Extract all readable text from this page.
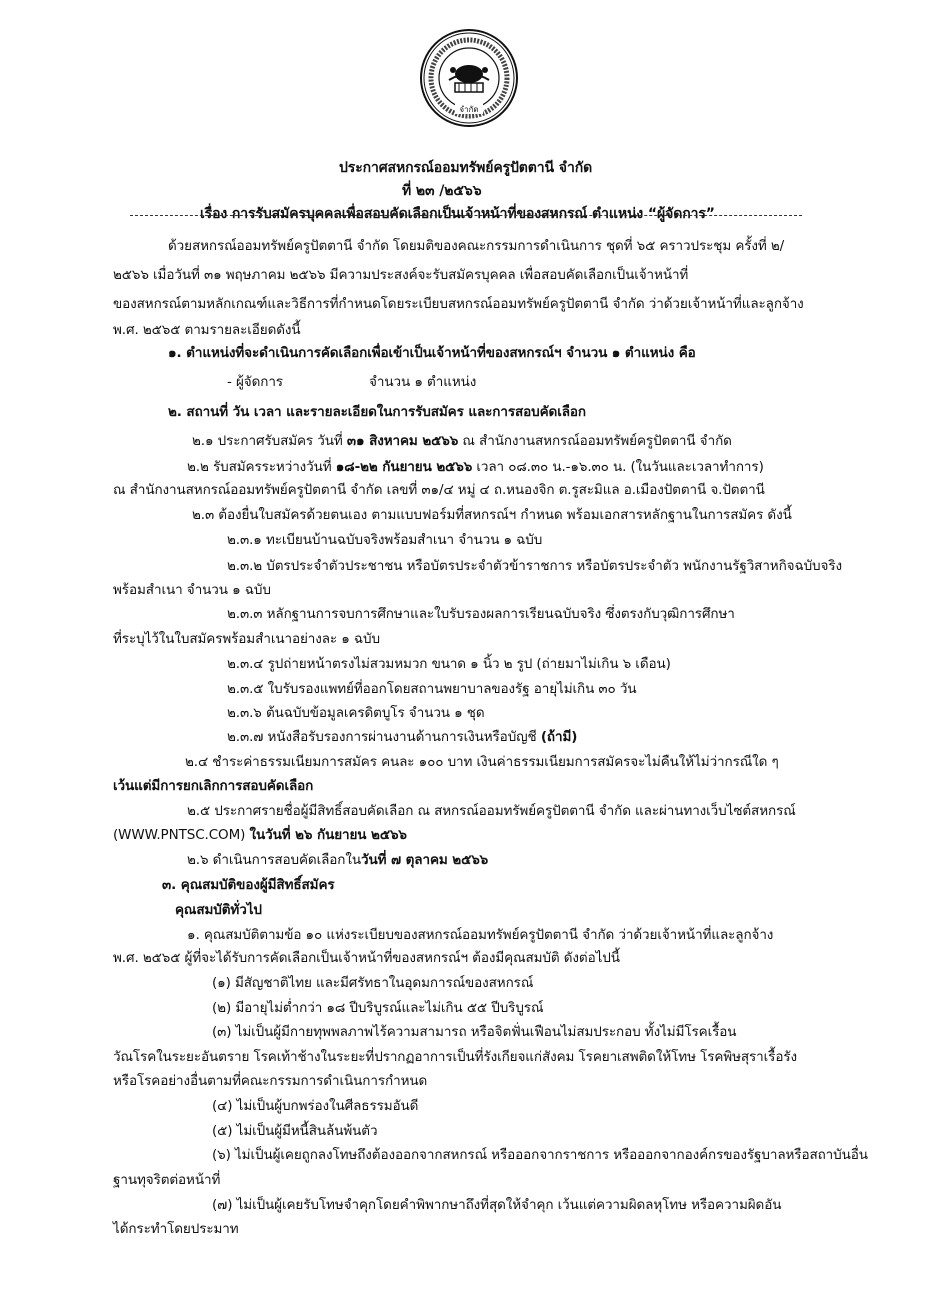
จำกัด
ประกาศสหกรณ์ออมทรัพย์ครูปัตตานี จำกัด
ที่ ๒๓ /๒๕๖๖
เรื่อง การรับสมัครบุคคลเพื่อสอบคัดเลือกเป็นเจ้าหน้าที่ของสหกรณ์ ตำแหน่ง “ผู้จัดการ”
ด้วยสหกรณ์ออมทรัพย์ครูปัตตานี จำกัด โดยมติของคณะกรรมการดำเนินการ ชุดที่ ๖๕ คราวประชุม ครั้งที่ ๒/
๒๕๖๖ เมื่อวันที่ ๓๑ พฤษภาคม ๒๕๖๖ มีความประสงค์จะรับสมัครบุคคล เพื่อสอบคัดเลือกเป็นเจ้าหน้าที่
ของสหกรณ์ตามหลักเกณฑ์และวิธีการที่กำหนดโดยระเบียบสหกรณ์ออมทรัพย์ครูปัตตานี จำกัด ว่าด้วยเจ้าหน้าที่และลูกจ้าง
พ.ศ. ๒๕๖๕ ตามรายละเอียดดังนี้
๑. ตำแหน่งที่จะดำเนินการคัดเลือกเพื่อเข้าเป็นเจ้าหน้าที่ของสหกรณ์ฯ จำนวน ๑ ตำแหน่ง คือ
- ผู้จัดการ	จำนวน ๑ ตำแหน่ง
๒. สถานที่ วัน เวลา และรายละเอียดในการรับสมัคร และการสอบคัดเลือก
๒.๑ ประกาศรับสมัคร วันที่ ๓๑ สิงหาคม ๒๕๖๖ ณ สำนักงานสหกรณ์ออมทรัพย์ครูปัตตานี จำกัด
๒.๒ รับสมัครระหว่างวันที่ ๑๘-๒๒ กันยายน ๒๕๖๖ เวลา ๐๘.๓๐ น.-๑๖.๓๐ น. (ในวันและเวลาทำการ)
ณ สำนักงานสหกรณ์ออมทรัพย์ครูปัตตานี จำกัด เลขที่ ๓๑/๔ หมู่ ๔ ถ.หนองจิก ต.รูสะมิแล อ.เมืองปัตตานี จ.ปัตตานี
๒.๓ ต้องยื่นใบสมัครด้วยตนเอง ตามแบบฟอร์มที่สหกรณ์ฯ กำหนด พร้อมเอกสารหลักฐานในการสมัคร ดังนี้
๒.๓.๑ ทะเบียนบ้านฉบับจริงพร้อมสำเนา จำนวน ๑ ฉบับ
๒.๓.๒ บัตรประจำตัวประชาชน หรือบัตรประจำตัวข้าราชการ หรือบัตรประจำตัว พนักงานรัฐวิสาหกิจฉบับจริง
พร้อมสำเนา จำนวน ๑ ฉบับ
๒.๓.๓ หลักฐานการจบการศึกษาและใบรับรองผลการเรียนฉบับจริง ซึ่งตรงกับวุฒิการศึกษา
ที่ระบุไว้ในใบสมัครพร้อมสำเนาอย่างละ ๑ ฉบับ
๒.๓.๔ รูปถ่ายหน้าตรงไม่สวมหมวก ขนาด ๑ นิ้ว ๒ รูป (ถ่ายมาไม่เกิน ๖ เดือน)
๒.๓.๕ ใบรับรองแพทย์ที่ออกโดยสถานพยาบาลของรัฐ อายุไม่เกิน ๓๐ วัน
๒.๓.๖ ต้นฉบับข้อมูลเครดิตบูโร จำนวน ๑ ชุด
๒.๓.๗ หนังสือรับรองการผ่านงานด้านการเงินหรือบัญชี (ถ้ามี)
๒.๔ ชำระค่าธรรมเนียมการสมัคร คนละ ๑๐๐ บาท เงินค่าธรรมเนียมการสมัครจะไม่คืนให้ไม่ว่ากรณีใด ๆ
เว้นแต่มีการยกเลิกการสอบคัดเลือก
๒.๕ ประกาศรายชื่อผู้มีสิทธิ์สอบคัดเลือก ณ สหกรณ์ออมทรัพย์ครูปัตตานี จำกัด และผ่านทางเว็บไซต์สหกรณ์
(WWW.PNTSC.COM) ในวันที่ ๒๖ กันยายน ๒๕๖๖
๒.๖ ดำเนินการสอบคัดเลือกในวันที่ ๗ ตุลาคม ๒๕๖๖
๓. คุณสมบัติของผู้มีสิทธิ์สมัคร
คุณสมบัติทั่วไป
๑. คุณสมบัติตามข้อ ๑๐ แห่งระเบียบของสหกรณ์ออมทรัพย์ครูปัตตานี จำกัด ว่าด้วยเจ้าหน้าที่และลูกจ้าง
พ.ศ. ๒๕๖๕ ผู้ที่จะได้รับการคัดเลือกเป็นเจ้าหน้าที่ของสหกรณ์ฯ ต้องมีคุณสมบัติ ดังต่อไปนี้
(๑) มีสัญชาติไทย และมีศรัทธาในอุดมการณ์ของสหกรณ์
(๒) มีอายุไม่ต่ำกว่า ๑๘ ปีบริบูรณ์และไม่เกิน ๕๕ ปีบริบูรณ์
(๓) ไม่เป็นผู้มีกายทุพพลภาพไร้ความสามารถ หรือจิตฟั่นเฟือนไม่สมประกอบ ทั้งไม่มีโรคเรื้อน
วัณโรคในระยะอันตราย โรคเท้าช้างในระยะที่ปรากฏอาการเป็นที่รังเกียจแก่สังคม โรคยาเสพติดให้โทษ โรคพิษสุราเรื้อรัง
หรือโรคอย่างอื่นตามที่คณะกรรมการดำเนินการกำหนด
(๔) ไม่เป็นผู้บกพร่องในศีลธรรมอันดี
(๕) ไม่เป็นผู้มีหนี้สินล้นพ้นตัว
(๖) ไม่เป็นผู้เคยถูกลงโทษถึงต้องออกจากสหกรณ์ หรือออกจากราชการ หรือออกจากองค์กรของรัฐบาลหรือสถาบันอื่น
ฐานทุจริตต่อหน้าที่
(๗) ไม่เป็นผู้เคยรับโทษจำคุกโดยคำพิพากษาถึงที่สุดให้จำคุก เว้นแต่ความผิดลหุโทษ หรือความผิดอัน
ได้กระทำโดยประมาท
